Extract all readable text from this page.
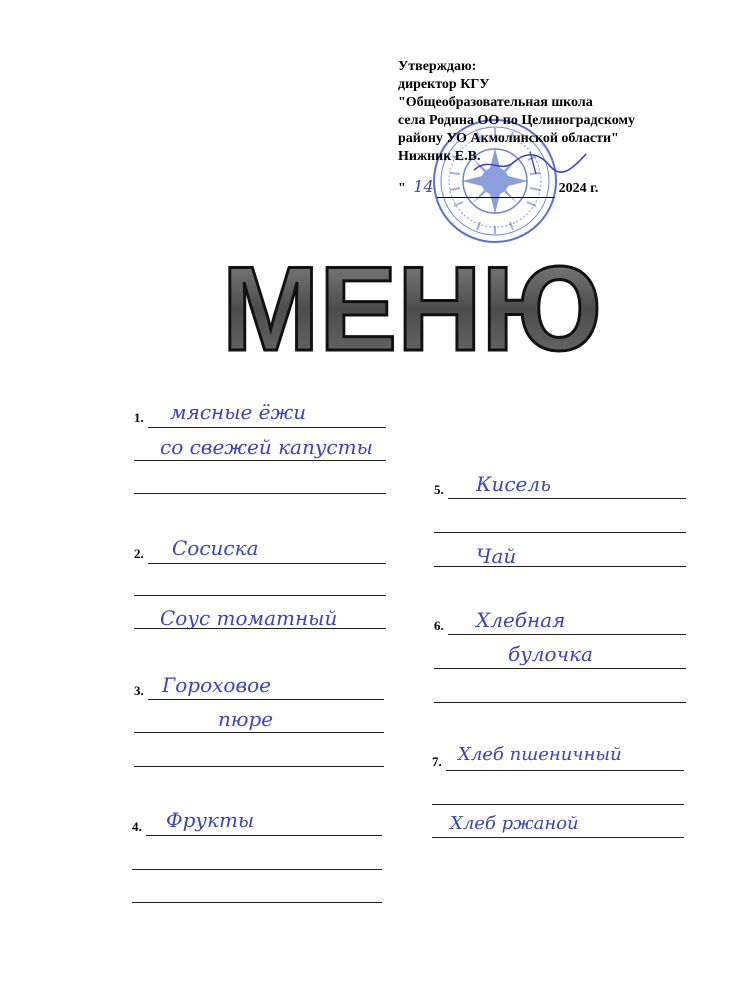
Утверждаю:
директор КГУ
"Общеобразовательная школа
села Родина ОО по Целиноградскому
району УО Акмолинской области"
Нижник Е.В.
" 14	2024 г.
МЕНЮ
1. мясные ёжи
со свежей капусты
2. Сосиска
Соус томатный
3. Гороховое
пюре
4. Фрукты
5. Кисель
Чай
6. Хлебная
булочка
7. Хлеб пшеничный
Хлеб ржаной
